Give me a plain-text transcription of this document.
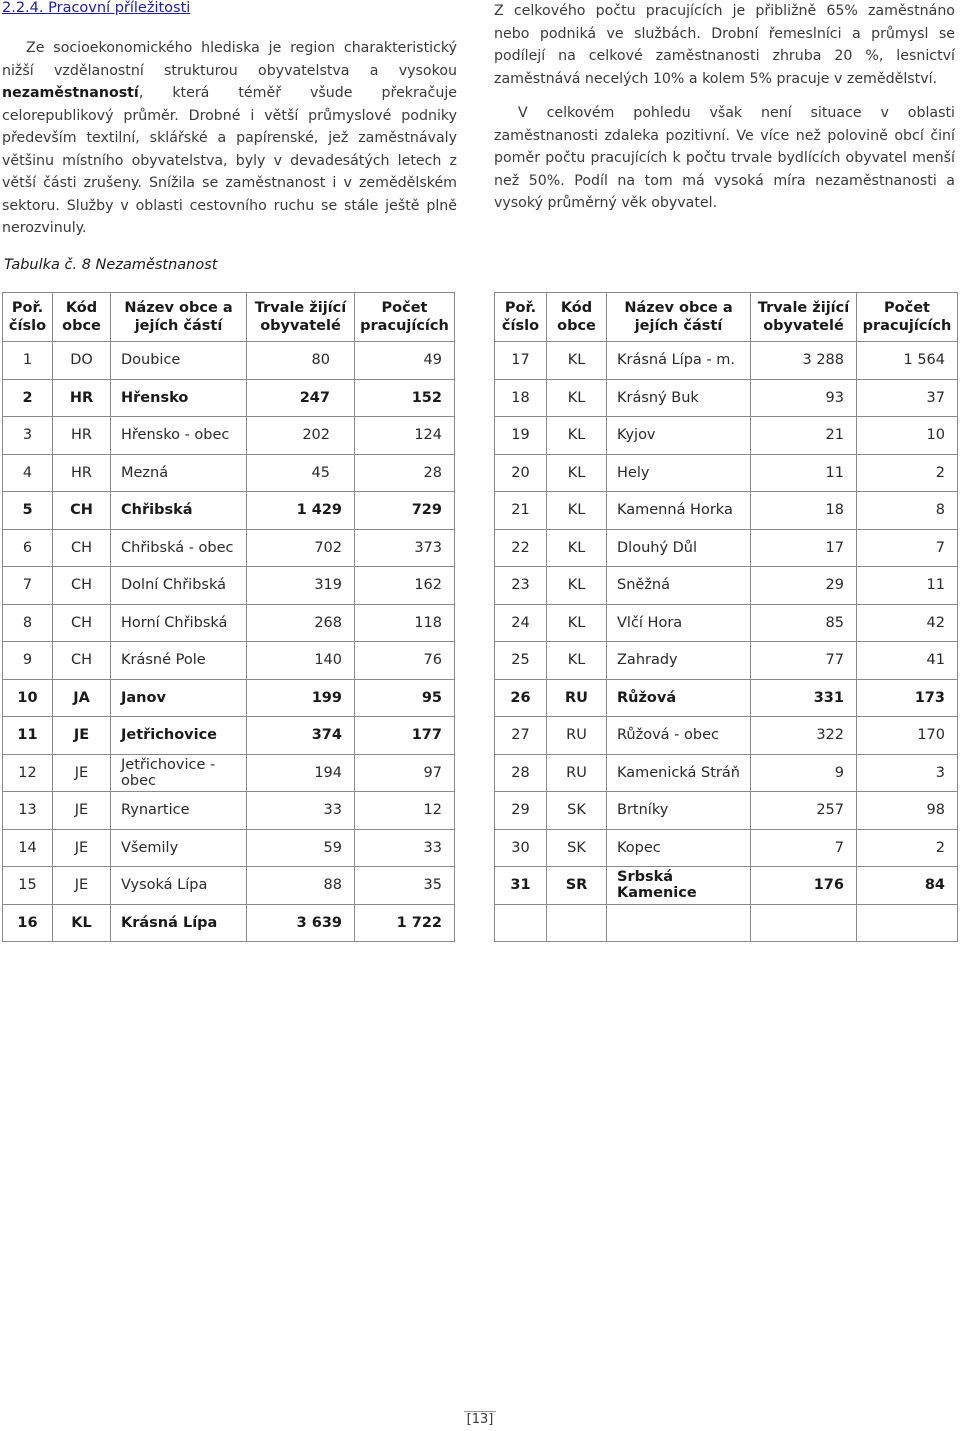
2.2.4. Pracovní příležitosti

Ze socioekonomického hlediska je region charakteristický nižší vzdělanostní strukturou obyvatelstva a vysokou nezaměstnaností, která téměř všude překračuje celorepublikový průměr. Drobné i větší průmyslové podniky především textilní, sklářské a papírenské, jež zaměstnávaly většinu místního obyvatelstva, byly v devadesátých letech z větší části zrušeny. Snížila se zaměstnanost i v zemědělském sektoru. Služby v oblasti cestovního ruchu se stále ještě plně nerozvinuly.

Z celkového počtu pracujících je přibližně 65% zaměstnáno nebo podniká ve službách. Drobní řemeslníci a průmysl se podílejí na celkové zaměstnanosti zhruba 20 %, lesnictví zaměstnává necelých 10% a kolem 5% pracuje v zemědělství.

V celkovém pohledu však není situace v oblasti zaměstnanosti zdaleka pozitivní. Ve více než polovině obcí činí poměr počtu pracujících k počtu trvale bydlících obyvatel menší než 50%. Podíl na tom má vysoká míra nezaměstnanosti a vysoký průměrný věk obyvatel.

Tabulka č. 8 Nezaměstnanost
Poř. číslo	Kód obce	Název obce a jejích částí	Trvale žijící obyvatelé	Počet pracujících
1	DO	Doubice	80	49
2	HR	Hřensko	247	152
3	HR	Hřensko - obec	202	124
4	HR	Mezná	45	28
5	CH	Chřibská	1 429	729
6	CH	Chřibská - obec	702	373
7	CH	Dolní Chřibská	319	162
8	CH	Horní Chřibská	268	118
9	CH	Krásné Pole	140	76
10	JA	Janov	199	95
11	JE	Jetřichovice	374	177
12	JE	Jetřichovice - obec	194	97
13	JE	Rynartice	33	12
14	JE	Všemily	59	33
15	JE	Vysoká Lípa	88	35
16	KL	Krásná Lípa	3 639	1 722
Poř. číslo	Kód obce	Název obce a jejích částí	Trvale žijící obyvatelé	Počet pracujících
17	KL	Krásná Lípa - m.	3 288	1 564
18	KL	Krásný Buk	93	37
19	KL	Kyjov	21	10
20	KL	Hely	11	2
21	KL	Kamenná Horka	18	8
22	KL	Dlouhý Důl	17	7
23	KL	Sněžná	29	11
24	KL	Vlčí Hora	85	42
25	KL	Zahrady	77	41
26	RU	Růžová	331	173
27	RU	Růžová - obec	322	170
28	RU	Kamenická Stráň	9	3
29	SK	Brtníky	257	98
30	SK	Kopec	7	2
31	SR	Srbská Kamenice	176	84

[13]
